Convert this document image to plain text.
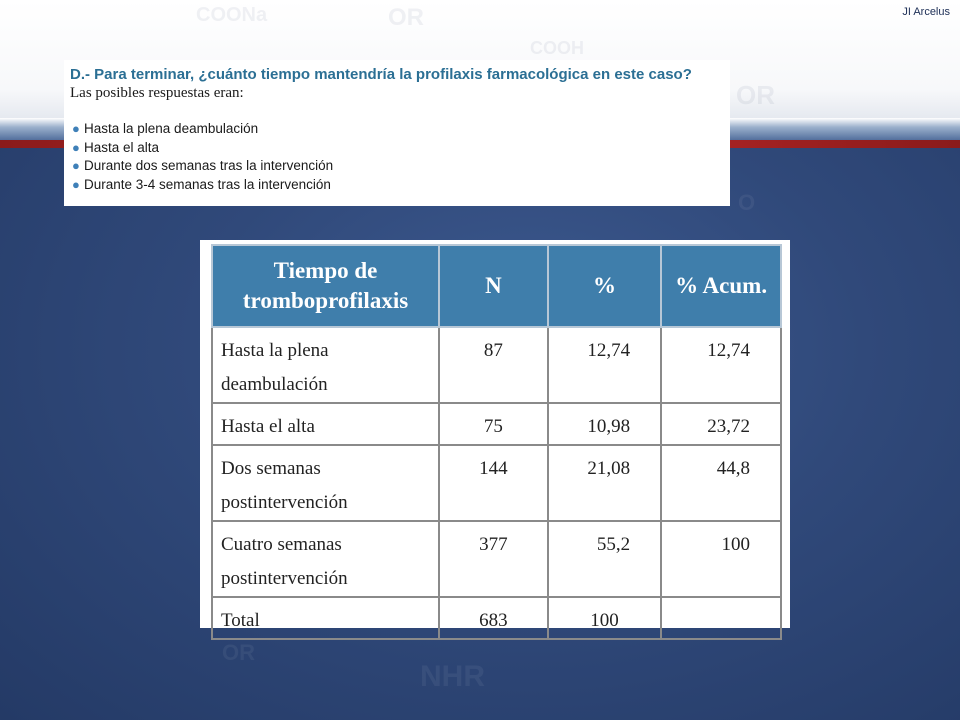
JI Arcelus

D.- Para terminar, ¿cuánto tiempo mantendría la profilaxis farmacológica en este caso?

Las posibles respuestas eran:

● Hasta la plena deambulación
● Hasta el alta
● Durante dos semanas tras la intervención
● Durante 3-4 semanas tras la intervención
Tiempo de tromboprofilaxis	N	%	% Acum.
Hasta la plena deambulación	87	12,74	12,74
Hasta el alta	75	10,98	23,72
Dos semanas postintervención	144	21,08	44,8
Cuatro semanas postintervención	377	55,2	100
Total	683	100	
